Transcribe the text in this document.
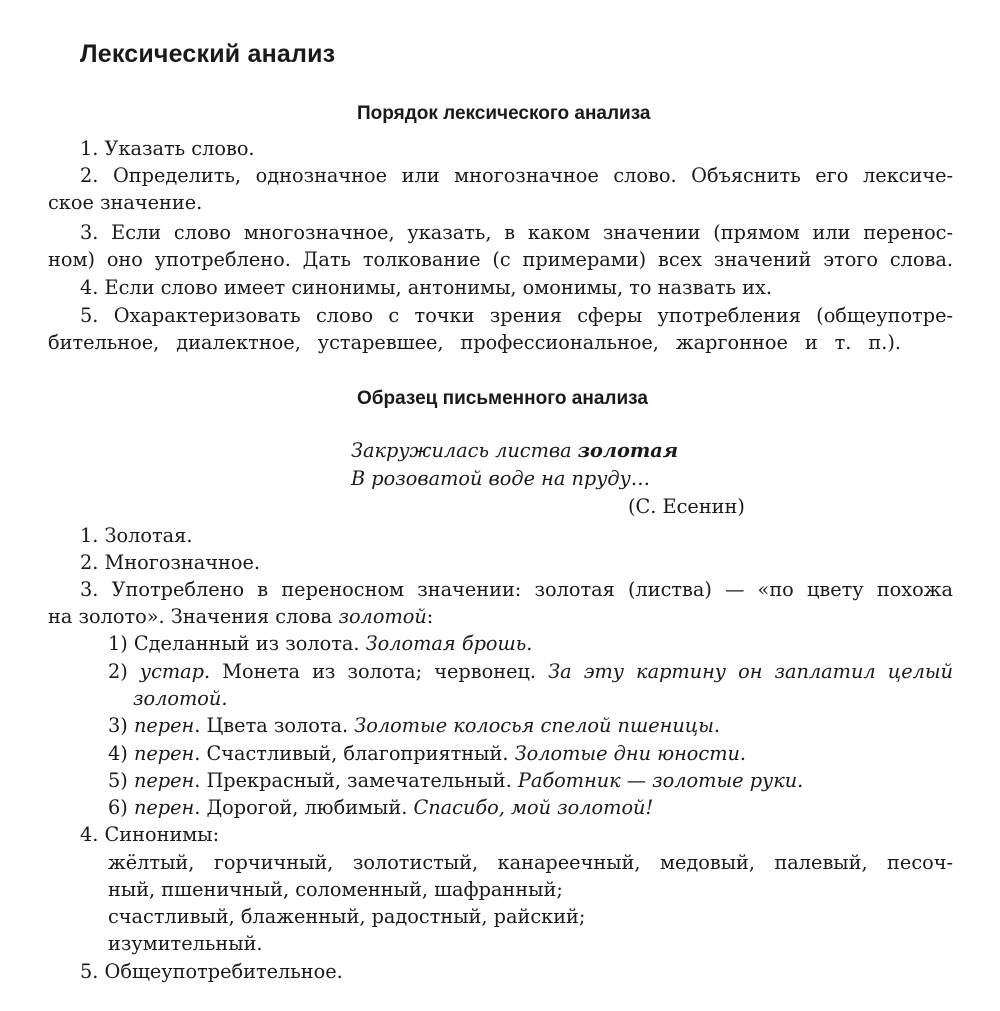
Лексический анализ
Порядок лексического анализа
1. Указать слово.
2. Определить, однозначное или многозначное слово. Объяснить его лексиче-
ское значение.
3. Если слово многозначное, указать, в каком значении (прямом или перенос-
ном) оно употреблено. Дать толкование (с примерами) всех значений этого слова.
4. Если слово имеет синонимы, антонимы, омонимы, то назвать их.
5. Охарактеризовать слово с точки зрения сферы употребления (общеупотре-
бительное, диалектное, устаревшее, профессиональное, жаргонное и т. п.).
Образец письменного анализа
Закружилась листва золотая
В розоватой воде на пруду…
(С. Есенин)
1. Золотая.
2. Многозначное.
3. Употреблено в переносном значении: золотая (листва) — «по цвету похожа
на золото». Значения слова золотой:
1) Сделанный из золота. Золотая брошь.
2) устар. Монета из золота; червонец. За эту картину он заплатил целый
золотой.
3) перен. Цвета золота. Золотые колосья спелой пшеницы.
4) перен. Счастливый, благоприятный. Золотые дни юности.
5) перен. Прекрасный, замечательный. Работник — золотые руки.
6) перен. Дорогой, любимый. Спасибо, мой золотой!
4. Синонимы:
жёлтый, горчичный, золотистый, канареечный, медовый, палевый, песоч-
ный, пшеничный, соломенный, шафранный;
счастливый, блаженный, радостный, райский;
изумительный.
5. Общеупотребительное.
